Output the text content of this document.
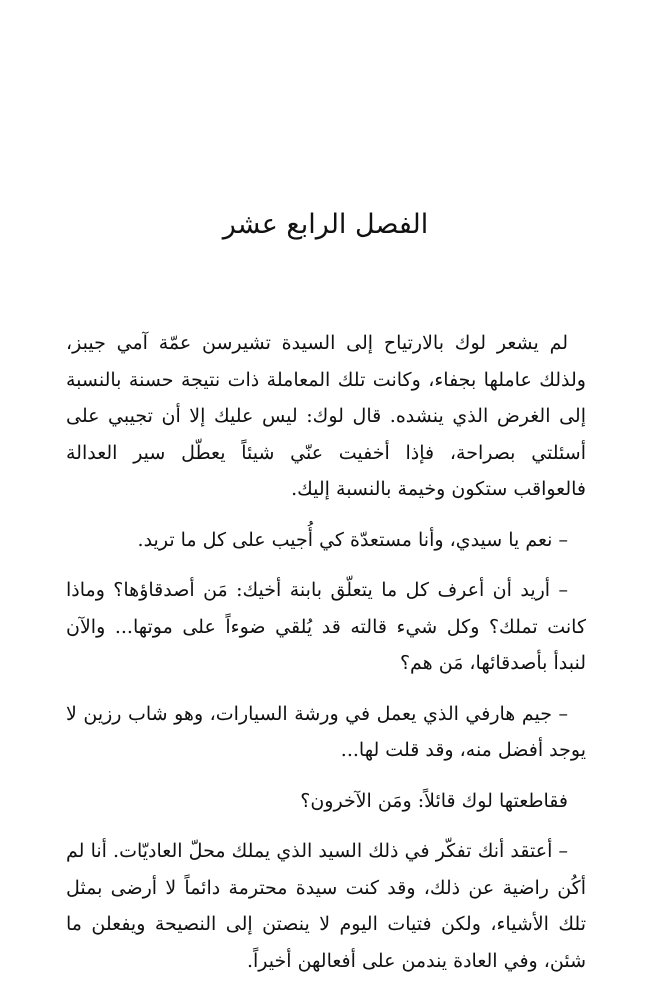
الفصل الرابع عشر

لم يشعر لوك بالارتياح إلى السيدة تشيرسن عمّة آمي جيبز، ولذلك عاملها بجفاء، وكانت تلك المعاملة ذات نتيجة حسنة بالنسبة إلى الغرض الذي ينشده. قال لوك: ليس عليك إلا أن تجيبي على أسئلتي بصراحة، فإذا أخفيت عنّي شيئاً يعطّل سير العدالة فالعواقب ستكون وخيمة بالنسبة إليك.

– نعم يا سيدي، وأنا مستعدّة كي أُجيب على كل ما تريد.

– أريد أن أعرف كل ما يتعلّق بابنة أخيك: مَن أصدقاؤها؟ وماذا كانت تملك؟ وكل شيء قالته قد يُلقي ضوءاً على موتها... والآن لنبدأ بأصدقائها، مَن هم؟

– جيم هارفي الذي يعمل في ورشة السيارات، وهو شاب رزين لا يوجد أفضل منه، وقد قلت لها...

فقاطعتها لوك قائلاً: ومَن الآخرون؟

– أعتقد أنك تفكّر في ذلك السيد الذي يملك محلّ العاديّات. أنا لم أكُن راضية عن ذلك، وقد كنت سيدة محترمة دائماً لا أرضى بمثل تلك الأشياء، ولكن فتيات اليوم لا ينصتن إلى النصيحة ويفعلن ما شئن، وفي العادة يندمن على أفعالهن أخيراً.
